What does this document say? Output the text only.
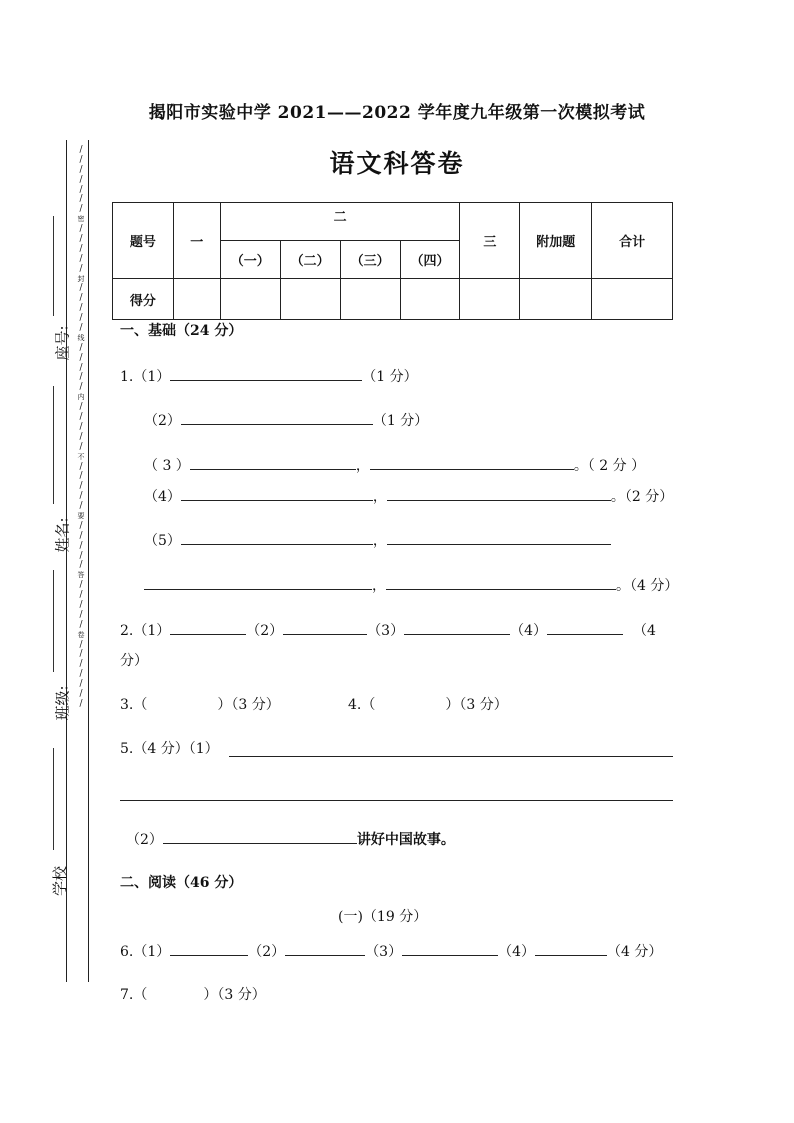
揭阳市实验中学 2021——2022 学年度九年级第一次模拟考试
语文科答卷
/
/
/
/
/
/
/
密
/
/
/
/
/
封
/
/
/
/
/
线
/
/
/
/
/
内
/
/
/
/
/
不
/
/
/
/
/
要
/
/
/
/
/
答
/
/
/
/
/
卷
/
/
/
/
/
/
/
座号:
姓名:
班级:
学校
题号	一	二				三	附加题	合计
		（一）	（二）	（三）	（四）			
得分								
一、基础（24 分）
1.（1）	（1 分）
（2）	（1 分）
（ 3 ）	，	。（ 2 分 ）
（4）	，	。（2 分）
（5）	，
，	。（4 分）
2.（1）	（2）	（3）	（4）	（4
分）
3.（　　　　　）（3 分）	4.（　　　　　）（3 分）
5.（4 分）（1）
（2）	讲好中国故事。
二、阅读（46 分）
(一)（19 分）
6.（1）	（2）	（3）	（4）	（4 分）
7.（　　　　）（3 分）
